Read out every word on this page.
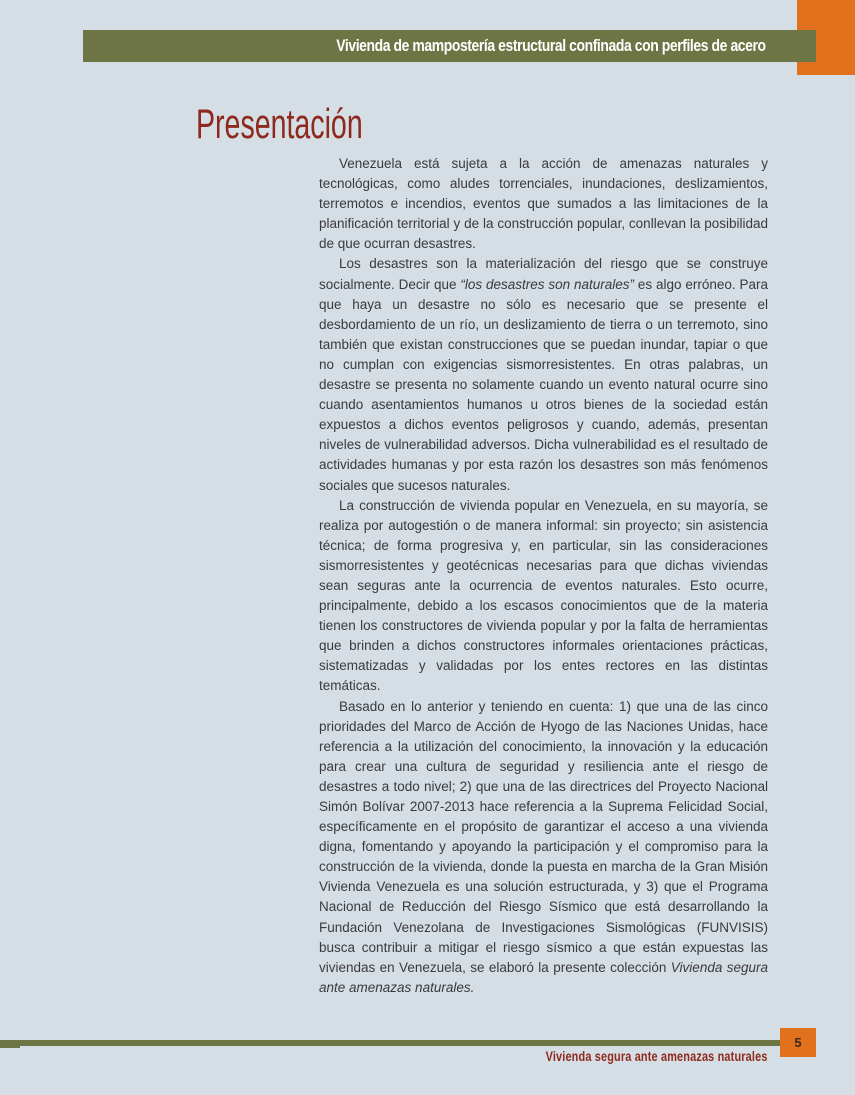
Vivienda de mampostería estructural confinada con perfiles de acero
Presentación

Venezuela está sujeta a la acción de amenazas naturales y tecnológicas, como aludes torrenciales, inundaciones, deslizamientos, terremotos e incendios, eventos que sumados a las limitaciones de la planificación territorial y de la construcción popular, conllevan la posibilidad de que ocurran desastres.

Los desastres son la materialización del riesgo que se construye socialmente. Decir que “los desastres son naturales” es algo erróneo. Para que haya un desastre no sólo es necesario que se presente el desbordamiento de un río, un deslizamiento de tierra o un terremoto, sino también que existan construcciones que se puedan inundar, tapiar o que no cumplan con exigencias sismorresistentes. En otras palabras, un desastre se presenta no solamente cuando un evento natural ocurre sino cuando asentamientos humanos u otros bienes de la sociedad están expuestos a dichos eventos peligrosos y cuando, además, presentan niveles de vulnerabilidad adversos. Dicha vulnerabilidad es el resultado de actividades humanas y por esta razón los desastres son más fenómenos sociales que sucesos naturales.

La construcción de vivienda popular en Venezuela, en su mayoría, se realiza por autogestión o de manera informal: sin proyecto; sin asistencia técnica; de forma progresiva y, en particular, sin las consideraciones sismorresistentes y geotécnicas necesarias para que dichas viviendas sean seguras ante la ocurrencia de eventos naturales. Esto ocurre, principalmente, debido a los escasos conocimientos que de la materia tienen los constructores de vivienda popular y por la falta de herramientas que brinden a dichos constructores informales orientaciones prácticas, sistematizadas y validadas por los entes rectores en las distintas temáticas.

Basado en lo anterior y teniendo en cuenta: 1) que una de las cinco prioridades del Marco de Acción de Hyogo de las Naciones Unidas, hace referencia a la utilización del conocimiento, la innovación y la educación para crear una cultura de seguridad y resiliencia ante el riesgo de desastres a todo nivel; 2) que una de las directrices del Proyecto Nacional Simón Bolívar 2007-2013 hace referencia a la Suprema Felicidad Social, específicamente en el propósito de garantizar el acceso a una vivienda digna, fomentando y apoyando la participación y el compromiso para la construcción de la vivienda, donde la puesta en marcha de la Gran Misión Vivienda Venezuela es una solución estructurada, y 3) que el Programa Nacional de Reducción del Riesgo Sísmico que está desarrollando la Fundación Venezolana de Investigaciones Sismológicas (FUNVISIS) busca contribuir a mitigar el riesgo sísmico a que están expuestas las viviendas en Venezuela, se elaboró la presente colección Vivienda segura ante amenazas naturales.

5
Vivienda segura ante amenazas naturales
